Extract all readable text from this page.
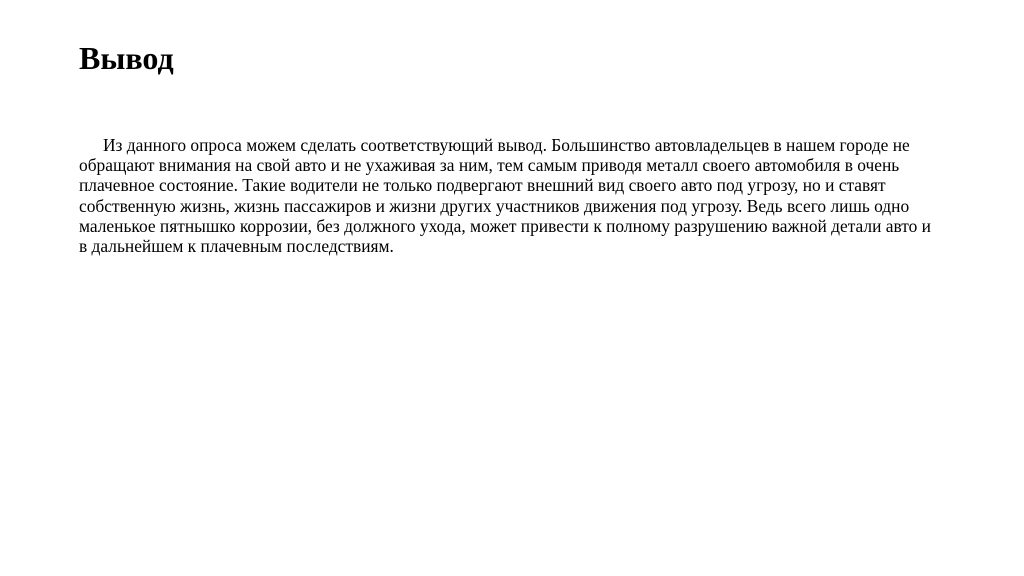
Вывод

Из данного опроса можем сделать соответствующий вывод. Большинство автовладельцев в нашем городе не обращают внимания на свой авто и не ухаживая за ним, тем самым приводя металл своего автомобиля в очень плачевное состояние. Такие водители не только подвергают внешний вид своего авто под угрозу, но и ставят собственную жизнь, жизнь пассажиров и жизни других участников движения под угрозу. Ведь всего лишь одно маленькое пятнышко коррозии, без должного ухода, может привести к полному разрушению важной детали авто и в дальнейшем к плачевным последствиям.
